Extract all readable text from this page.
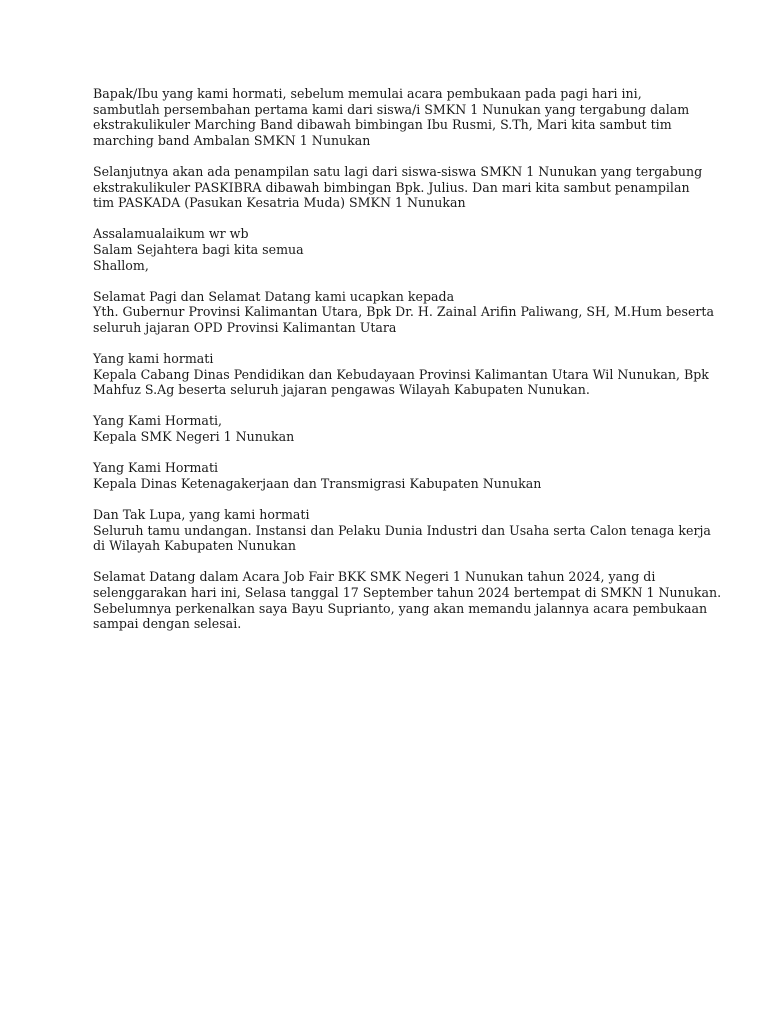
Bapak/Ibu yang kami hormati, sebelum memulai acara pembukaan pada pagi hari ini,
sambutlah persembahan pertama kami dari siswa/i SMKN 1 Nunukan yang tergabung dalam
ekstrakulikuler Marching Band dibawah bimbingan Ibu Rusmi, S.Th, Mari kita sambut tim
marching band Ambalan SMKN 1 Nunukan

Selanjutnya akan ada penampilan satu lagi dari siswa-siswa SMKN 1 Nunukan yang tergabung
ekstrakulikuler PASKIBRA dibawah bimbingan Bpk. Julius. Dan mari kita sambut penampilan
tim PASKADA (Pasukan Kesatria Muda) SMKN 1 Nunukan

Assalamualaikum wr wb
Salam Sejahtera bagi kita semua
Shallom,

Selamat Pagi dan Selamat Datang kami ucapkan kepada
Yth. Gubernur Provinsi Kalimantan Utara, Bpk Dr. H. Zainal Arifin Paliwang, SH, M.Hum beserta
seluruh jajaran OPD Provinsi Kalimantan Utara

Yang kami hormati
Kepala Cabang Dinas Pendidikan dan Kebudayaan Provinsi Kalimantan Utara Wil Nunukan, Bpk
Mahfuz S.Ag beserta seluruh jajaran pengawas Wilayah Kabupaten Nunukan.

Yang Kami Hormati,
Kepala SMK Negeri 1 Nunukan

Yang Kami Hormati
Kepala Dinas Ketenagakerjaan dan Transmigrasi Kabupaten Nunukan

Dan Tak Lupa, yang kami hormati
Seluruh tamu undangan. Instansi dan Pelaku Dunia Industri dan Usaha serta Calon tenaga kerja
di Wilayah Kabupaten Nunukan

Selamat Datang dalam Acara Job Fair BKK SMK Negeri 1 Nunukan tahun 2024, yang di
selenggarakan hari ini, Selasa tanggal 17 September tahun 2024 bertempat di SMKN 1 Nunukan.
Sebelumnya perkenalkan saya Bayu Suprianto, yang akan memandu jalannya acara pembukaan
sampai dengan selesai.
